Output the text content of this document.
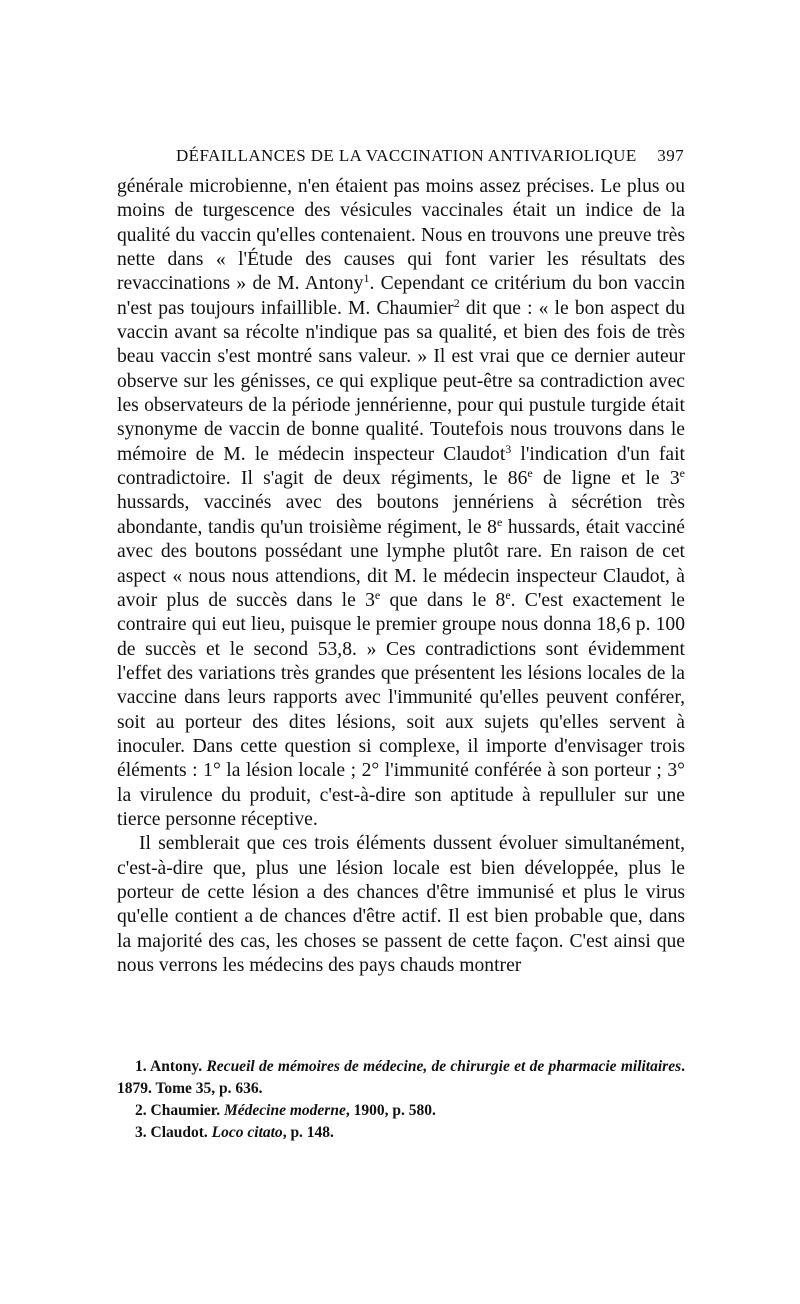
DÉFAILLANCES DE LA VACCINATION ANTIVARIOLIQUE 397

générale microbienne, n'en étaient pas moins assez précises. Le plus ou moins de turgescence des vésicules vaccinales était un indice de la qualité du vaccin qu'elles contenaient. Nous en trouvons une preuve très nette dans « l'Étude des causes qui font varier les résultats des revaccinations » de M. Antony$^1$. Cependant ce critérium du bon vaccin n'est pas toujours infaillible. M. Chaumier$^2$ dit que : « le bon aspect du vaccin avant sa récolte n'indique pas sa qualité, et bien des fois de très beau vaccin s'est montré sans valeur. » Il est vrai que ce dernier auteur observe sur les génisses, ce qui explique peut-être sa contradiction avec les observateurs de la période jennérienne, pour qui pustule turgide était synonyme de vaccin de bonne qualité. Toutefois nous trouvons dans le mémoire de M. le médecin inspecteur Claudot$^3$ l'indication d'un fait contradictoire. Il s'agit de deux régiments, le 86e de ligne et le 3e hussards, vaccinés avec des boutons jennériens à sécrétion très abondante, tandis qu'un troisième régiment, le 8e hussards, était vacciné avec des boutons possédant une lymphe plutôt rare. En raison de cet aspect « nous nous attendions, dit M. le médecin inspecteur Claudot, à avoir plus de succès dans le 3e que dans le 8e. C'est exactement le contraire qui eut lieu, puisque le premier groupe nous donna 18,6 p. 100 de succès et le second 53,8. » Ces contradictions sont évidemment l'effet des variations très grandes que présentent les lésions locales de la vaccine dans leurs rapports avec l'immunité qu'elles peuvent conférer, soit au porteur des dites lésions, soit aux sujets qu'elles servent à inoculer. Dans cette question si complexe, il importe d'envisager trois éléments : 1° la lésion locale ; 2° l'immunité conférée à son porteur ; 3° la virulence du produit, c'est-à-dire son aptitude à repulluler sur une tierce personne réceptive.

Il semblerait que ces trois éléments dussent évoluer simultanément, c'est-à-dire que, plus une lésion locale est bien développée, plus le porteur de cette lésion a des chances d'être immunisé et plus le virus qu'elle contient a de chances d'être actif. Il est bien probable que, dans la majorité des cas, les choses se passent de cette façon. C'est ainsi que nous verrons les médecins des pays chauds montrer

1. Antony. Recueil de mémoires de médecine, de chirurgie et de pharmacie militaires. 1879. Tome 35, p. 636.

2. Chaumier. Médecine moderne, 1900, p. 580.

3. Claudot. Loco citato, p. 148.
